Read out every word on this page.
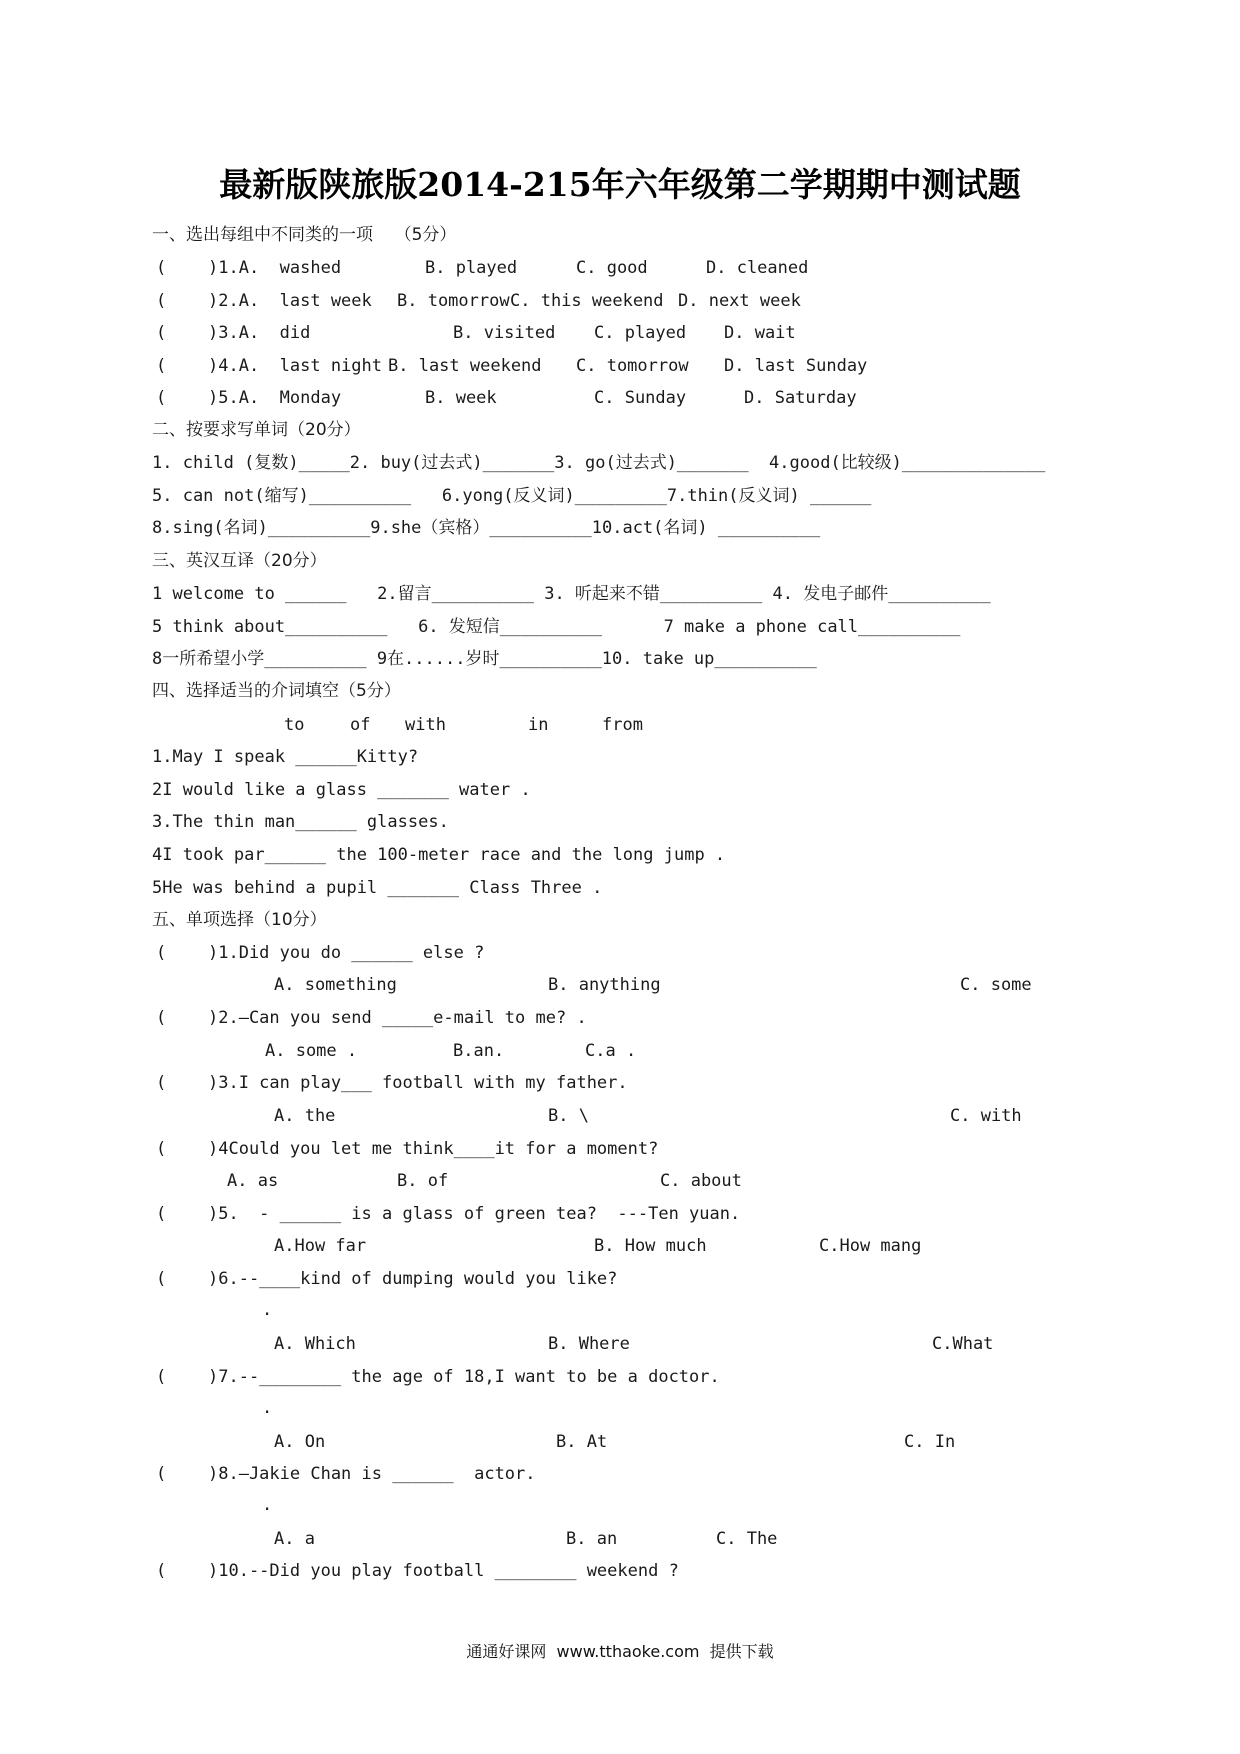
最新版陕旅版2014-215年六年级第二学期期中测试题
一、选出每组中不同类的一项    （5分）
( )1.A.  washed	B. played	C. good	D. cleaned
( )2.A.  last week B. tomorrow C. this weekend D. next week
( )3.A.  did	B. visited C. played D. wait
( )4.A.  last night B. last weekend C. tomorrow D. last Sunday
( )5.A.  Monday	B. week	C. Sunday	D. Saturday
二、按要求写单词（20分）
1. child (复数)_____2. buy(过去式)_______3. go(过去式)_______  4.good(比较级)______________
5. can not(缩写)__________   6.yong(反义词)_________7.thin(反义词) ______
8.sing(名词)__________9.she（宾格）__________10.act(名词) __________
三、英汉互译（20分）
1 welcome to ______   2.留言__________ 3. 听起来不错__________ 4. 发电子邮件__________
5 think about__________   6. 发短信__________      7 make a phone call__________
8一所希望小学__________ 9在......岁时__________10. take up__________
四、选择适当的介词填空（5分）
to	of with	in	from
1.May I speak ______Kitty?
2I would like a glass _______ water .
3.The thin man______ glasses.
4I took par______ the 100-meter race and the long jump .
5He was behind a pupil _______ Class Three .
五、单项选择（10分）
( )1.Did you do ______ else ?
A. something	B. anything	C. some
( )2.—Can you send _____e-mail to me? .
A. some .	B.an.	C.a .
( )3.I can play___ football with my father.
A. the	B. \	C. with
( )4Could you let me think____it for a moment?
A. as	B. of	C. about
( )5.  - ______ is a glass of green tea?  ---Ten yuan.
A.How far	B. How much	C.How mang
( )6.--____kind of dumping would you like?
.
A. Which	B. Where	C.What
( )7.--________ the age of 18,I want to be a doctor.
.
A. On	B. At	C. In
( )8.—Jakie Chan is ______  actor.
.
A. a	B. an	C. The
( )10.--Did you play football ________ weekend ?
通通好课网  www.tthaoke.com  提供下载
